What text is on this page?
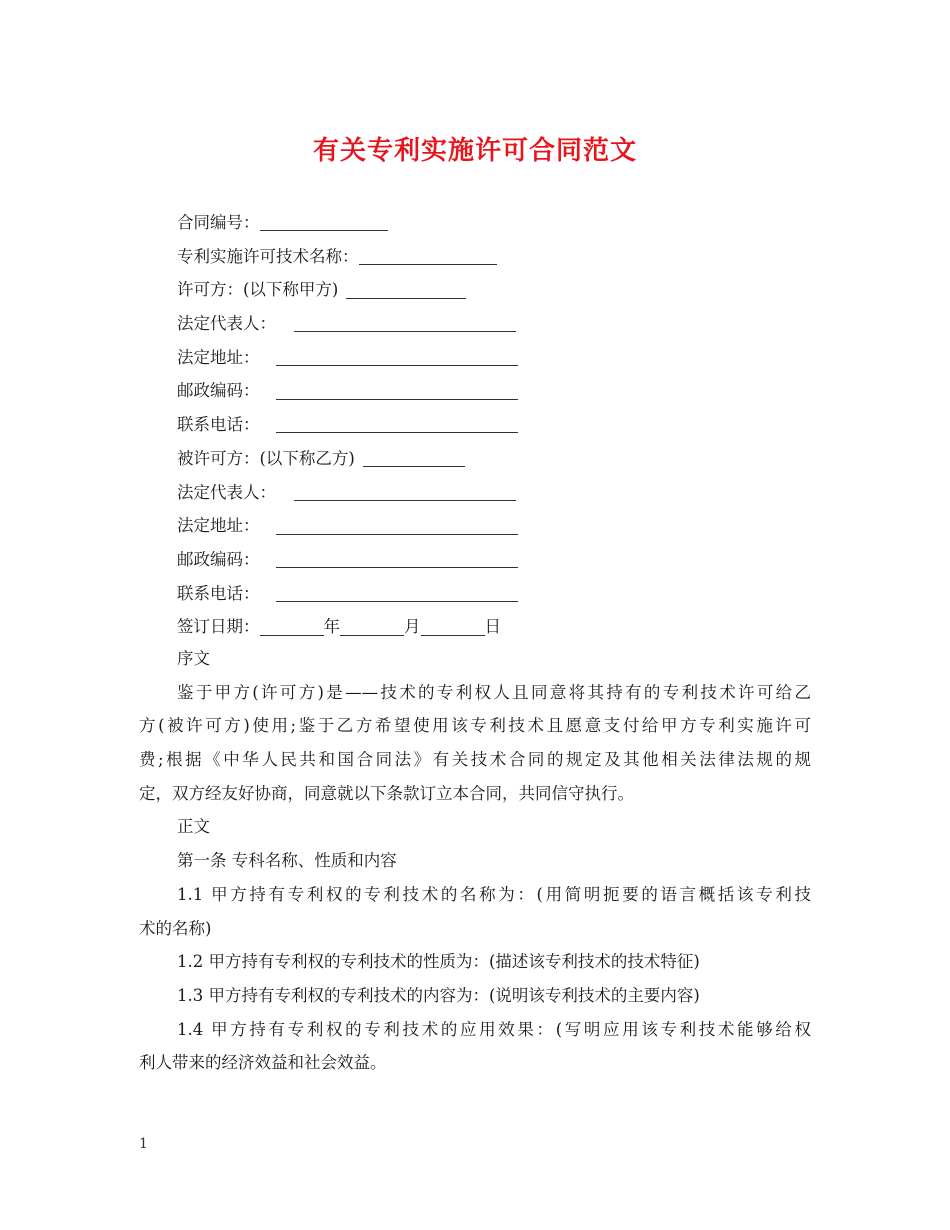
有关专利实施许可合同范文
合同编号：
专利实施许可技术名称：
许可方：(以下称甲方)
法定代表人：
法定地址：
邮政编码：
联系电话：
被许可方：(以下称乙方)
法定代表人：
法定地址：
邮政编码：
联系电话：
签订日期：	年	月	日
序文
鉴于甲方(许可方)是——技术的专利权人且同意将其持有的专利技术许可给乙
方(被许可方)使用;鉴于乙方希望使用该专利技术且愿意支付给甲方专利实施许可
费;根据《中华人民共和国合同法》有关技术合同的规定及其他相关法律法规的规
定，双方经友好协商，同意就以下条款订立本合同，共同信守执行。
正文
第一条 专科名称、性质和内容
1.1 甲方持有专利权的专利技术的名称为：(用简明扼要的语言概括该专利技
术的名称)
1.2 甲方持有专利权的专利技术的性质为：(描述该专利技术的技术特征)
1.3 甲方持有专利权的专利技术的内容为：(说明该专利技术的主要内容)
1.4 甲方持有专利权的专利技术的应用效果：(写明应用该专利技术能够给权
利人带来的经济效益和社会效益。
1
